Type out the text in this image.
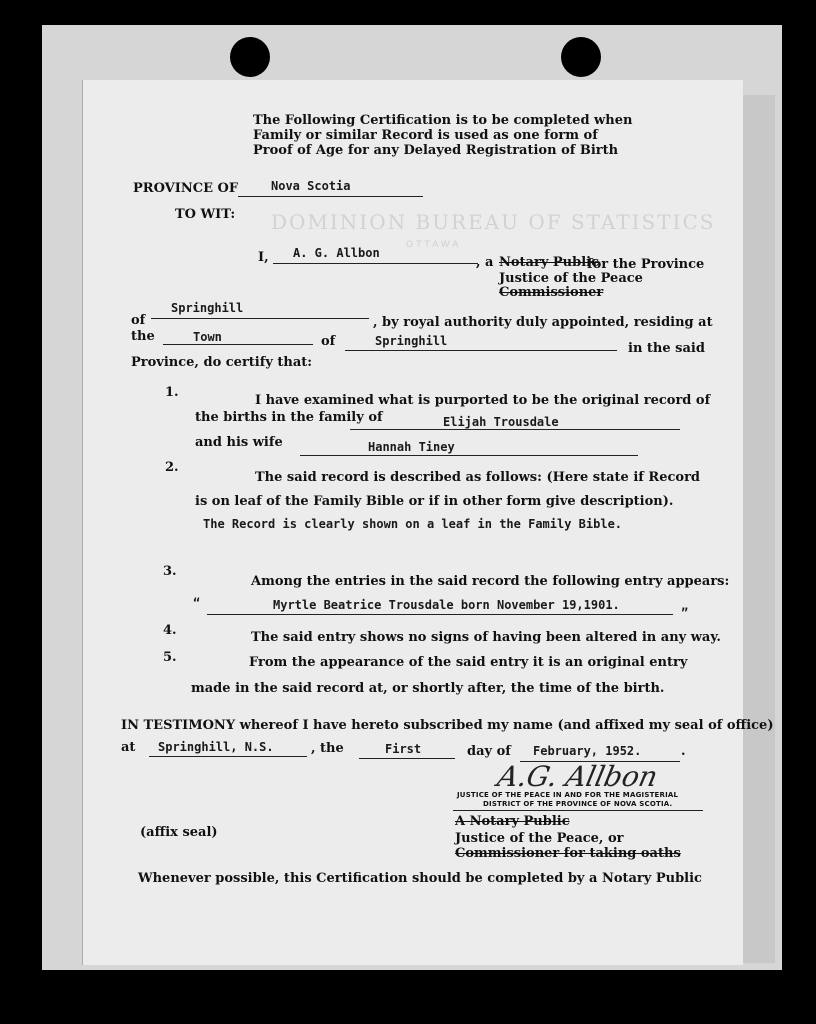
DOMINION BUREAU OF STATISTICS
OTTAWA
The Following Certification is to be completed when
Family or similar Record is used as one form of
Proof of Age for any Delayed Registration of Birth
PROVINCE OF	Nova Scotia
TO WIT:
I, A. G. Allbon
, a Notary Public
for the Province
Justice of the Peace
Commissioner
of
Springhill
, by royal authority duly appointed, residing at
the	Town	of	Springhill	in the said
Province, do certify that:
1.
I have examined what is purported to be the original record of
the births in the family of	Elijah Trousdale
and his wife	Hannah Tiney
2.
The said record is described as follows: (Here state if Record
is on leaf of the Family Bible or if in other form give description).
The Record is clearly shown on a leaf in the Family Bible.
3.
Among the entries in the said record the following entry appears:
“	Myrtle Beatrice Trousdale born November 19,1901.
”
4.	The said entry shows no signs of having been altered in any way.
5.	From the appearance of the said entry it is an original entry
made in the said record at, or shortly after, the time of the birth.
IN TESTIMONY whereof I have hereto subscribed my name (and affixed my seal of office)
at Springhill, N.S.	, the	First	day of February, 1952.	.
A.G. Allbon
JUSTICE OF THE PEACE IN AND FOR THE MAGISTERIAL
DISTRICT OF THE PROVINCE OF NOVA SCOTIA.
(affix seal)
A Notary Public
Justice of the Peace, or
Commissioner for taking oaths
Whenever possible, this Certification should be completed by a Notary Public
